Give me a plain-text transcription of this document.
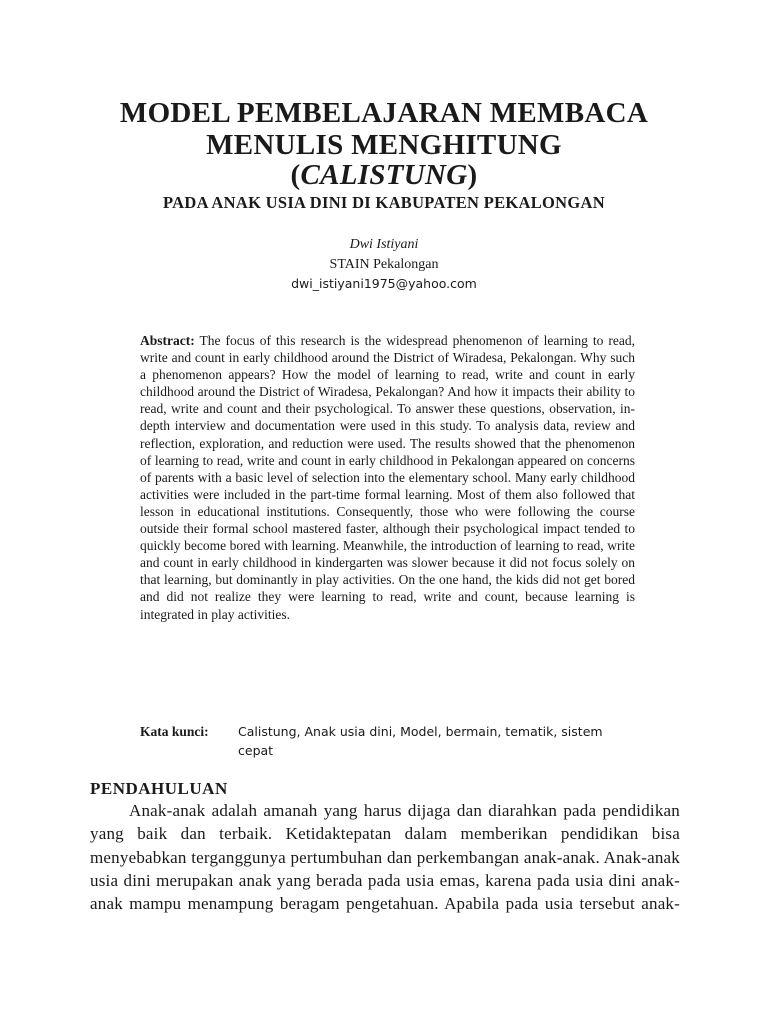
MODEL PEMBELAJARAN MEMBACA
MENULIS MENGHITUNG
(CALISTUNG)
PADA ANAK USIA DINI DI KABUPATEN PEKALONGAN
Dwi Istiyani
STAIN Pekalongan
dwi_istiyani1975@yahoo.com
Abstract: The focus of this research is the widespread phenomenon of learning to read, write and count in early childhood around the District of Wiradesa, Pekalongan. Why such a phenomenon appears? How the model of learning to read, write and count in early childhood around the District of Wiradesa, Pekalongan? And how it impacts their ability to read, write and count and their psychological. To answer these questions, observation, in-depth interview and documentation were used in this study. To analysis data, review and reflection, exploration, and reduction were used. The results showed that the phenomenon of learning to read, write and count in early childhood in Pekalongan appeared on concerns of parents with a basic level of selection into the elementary school. Many early childhood activities were included in the part-time formal learning. Most of them also followed that lesson in educational institutions. Consequently, those who were following the course outside their formal school mastered faster, although their psychological impact tended to quickly become bored with learning. Meanwhile, the introduction of learning to read, write and count in early childhood in kindergarten was slower because it did not focus solely on that learning, but dominantly in play activities. On the one hand, the kids did not get bored and did not realize they were learning to read, write and count, because learning is integrated in play activities.
Kata kunci: Calistung, Anak usia dini, Model, bermain, tematik, sistem cepat
PENDAHULUAN
Anak-anak adalah amanah yang harus dijaga dan diarahkan pada pendidikan yang baik dan terbaik. Ketidaktepatan dalam memberikan pendidikan bisa menyebabkan terganggunya pertumbuhan dan perkembangan anak-anak. Anak-anak usia dini merupakan anak yang berada pada usia emas, karena pada usia dini anak-anak mampu menampung beragam pengetahuan. Apabila pada usia tersebut anak-
